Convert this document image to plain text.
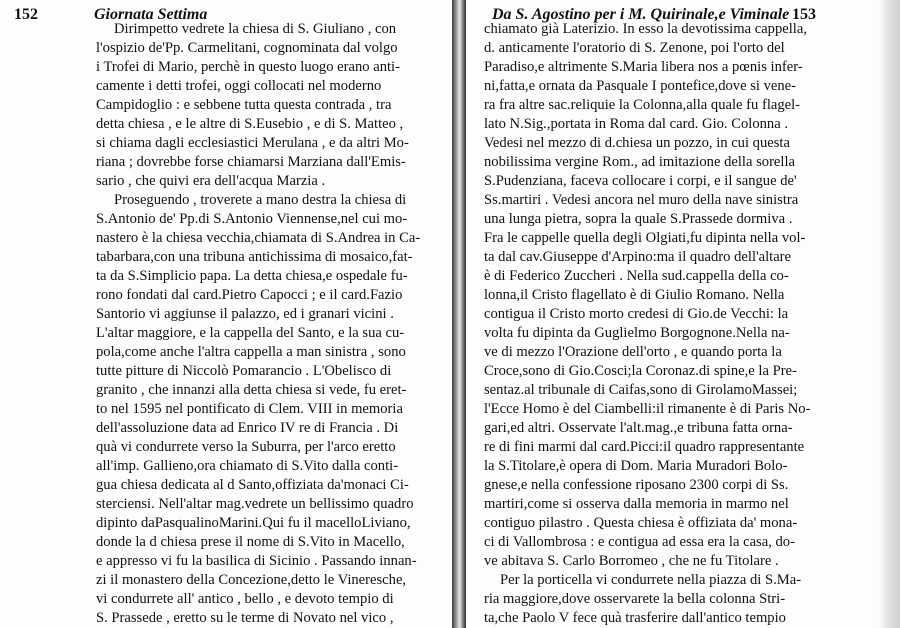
152	Giornata Settima
Dirimpetto vedrete la chiesa di S. Giuliano , con
l'ospizio de'Pp. Carmelitani, cognominata dal volgo
i Trofei di Mario, perchè in questo luogo erano anti-
camente i detti trofei, oggi collocati nel moderno
Campidoglio : e sebbene tutta questa contrada , tra
detta chiesa , e le altre di S.Eusebio , e di S. Matteo ,
si chiama dagli ecclesiastici Merulana , e da altri Mo-
riana ; dovrebbe forse chiamarsi Marziana dall'Emis-
sario , che quivi era dell'acqua Marzia .
Proseguendo , troverete a mano destra la chiesa di
S.Antonio de' Pp.di S.Antonio Viennense,nel cui mo-
nastero è la chiesa vecchia,chiamata di S.Andrea in Ca-
tabarbara,con una tribuna antichissima di mosaico,fat-
ta da S.Simplicio papa. La detta chiesa,e ospedale fu-
rono fondati dal card.Pietro Capocci ; e il card.Fazio
Santorio vi aggiunse il palazzo, ed i granari vicini .
L'altar maggiore, e la cappella del Santo, e la sua cu-
pola,come anche l'altra cappella a man sinistra , sono
tutte pitture di Niccolò Pomarancio . L'Obelisco di
granito , che innanzi alla detta chiesa si vede, fu eret-
to nel 1595 nel pontificato di Clem. VIII in memoria
dell'assoluzione data ad Enrico IV re di Francia . Di
quà vi condurrete verso la Suburra, per l'arco eretto
all'imp. Gallieno,ora chiamato di S.Vito dalla conti-
gua chiesa dedicata al d Santo,offiziata da'monaci Ci-
sterciensi. Nell'altar mag.vedrete un bellissimo quadro
dipinto daPasqualinoMarini.Qui fu il macelloLiviano,
donde la d chiesa prese il nome di S.Vito in Macello,
e appresso vi fu la basilica di Sicinio . Passando innan-
zi il monastero della Concezione,detto le Vineresche,
vi condurrete all' antico , bello , e devoto tempio di
S. Prassede , eretto su le terme di Novato nel vico ,
Da S. Agostino per i M. Quirinale,e Viminale 153
chiamato già Laterizio. In esso la devotissima cappella,
d. anticamente l'oratorio di S. Zenone, poi l'orto del
Paradiso,e altrimente S.Maria libera nos a pœnis infer-
ni,fatta,e ornata da Pasquale I pontefice,dove si vene-
ra fra altre sac.reliquie la Colonna,alla quale fu flagel-
lato N.Sig.,portata in Roma dal card. Gio. Colonna .
Vedesi nel mezzo di d.chiesa un pozzo, in cui questa
nobilissima vergine Rom., ad imitazione della sorella
S.Pudenziana, faceva collocare i corpi, e il sangue de'
Ss.martiri . Vedesi ancora nel muro della nave sinistra
una lunga pietra, sopra la quale S.Prassede dormiva .
Fra le cappelle quella degli Olgiati,fu dipinta nella vol-
ta dal cav.Giuseppe d'Arpino:ma il quadro dell'altare
è di Federico Zuccheri . Nella sud.cappella della co-
lonna,il Cristo flagellato è di Giulio Romano. Nella
contigua il Cristo morto credesi di Gio.de Vecchi: la
volta fu dipinta da Guglielmo Borgognone.Nella na-
ve di mezzo l'Orazione dell'orto , e quando porta la
Croce,sono di Gio.Cosci;la Coronaz.di spine,e la Pre-
sentaz.al tribunale di Caifas,sono di GirolamoMassei;
l'Ecce Homo è del Ciambelli:il rimanente è di Paris No-
gari,ed altri. Osservate l'alt.mag.,e tribuna fatta orna-
re di fini marmi dal card.Picci:il quadro rappresentante
la S.Titolare,è opera di Dom. Maria Muradori Bolo-
gnese,e nella confessione riposano 2300 corpi di Ss.
martiri,come si osserva dalla memoria in marmo nel
contiguo pilastro . Questa chiesa è offiziata da' mona-
ci di Vallombrosa : e contigua ad essa era la casa, do-
ve abitava S. Carlo Borromeo , che ne fu Titolare .
Per la porticella vi condurrete nella piazza di S.Ma-
ria maggiore,dove osservarete la bella colonna Stri-
ta,che Paolo V fece quà trasferire dall'antico tempio
